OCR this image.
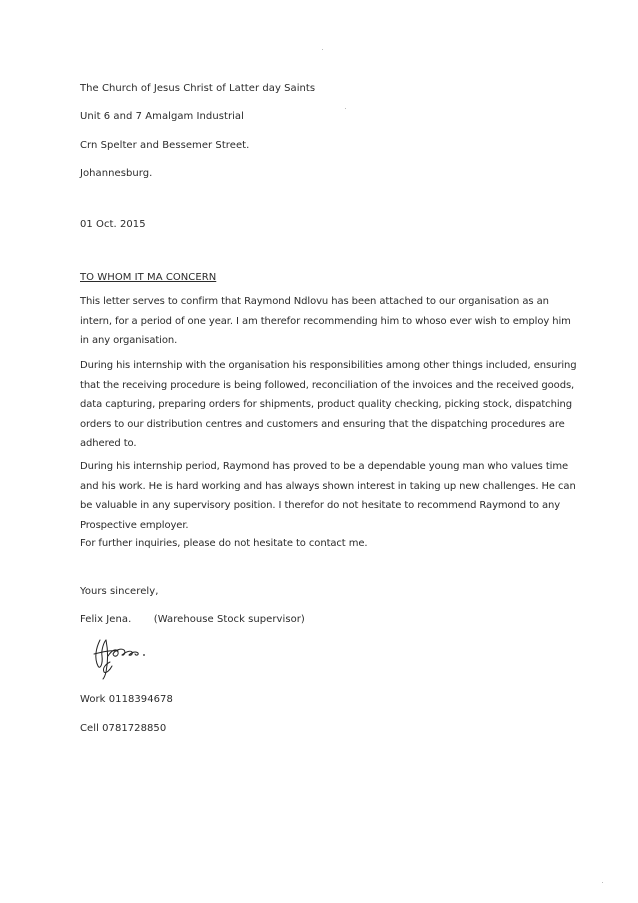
The Church of Jesus Christ of Latter day Saints
Unit 6 and 7 Amalgam Industrial
Crn Spelter and Bessemer Street.
Johannesburg.
01 Oct. 2015
TO WHOM IT MA CONCERN
This letter serves to confirm that Raymond Ndlovu has been attached to our organisation as an
intern, for a period of one year. I am therefor recommending him to whoso ever wish to employ him
in any organisation.
During his internship with the organisation his responsibilities among other things included, ensuring
that the receiving procedure is being followed, reconciliation of the invoices and the received goods,
data capturing, preparing orders for shipments, product quality checking, picking stock, dispatching
orders to our distribution centres and customers and ensuring that the dispatching procedures are
adhered to.
During his internship period, Raymond has proved to be a dependable young man who values time
and his work. He is hard working and has always shown interest in taking up new challenges. He can
be valuable in any supervisory position. I therefor do not hesitate to recommend Raymond to any
Prospective employer.
For further inquiries, please do not hesitate to contact me.
Yours sincerely,
Felix Jena. (Warehouse Stock supervisor)
Work 0118394678
Cell 0781728850
